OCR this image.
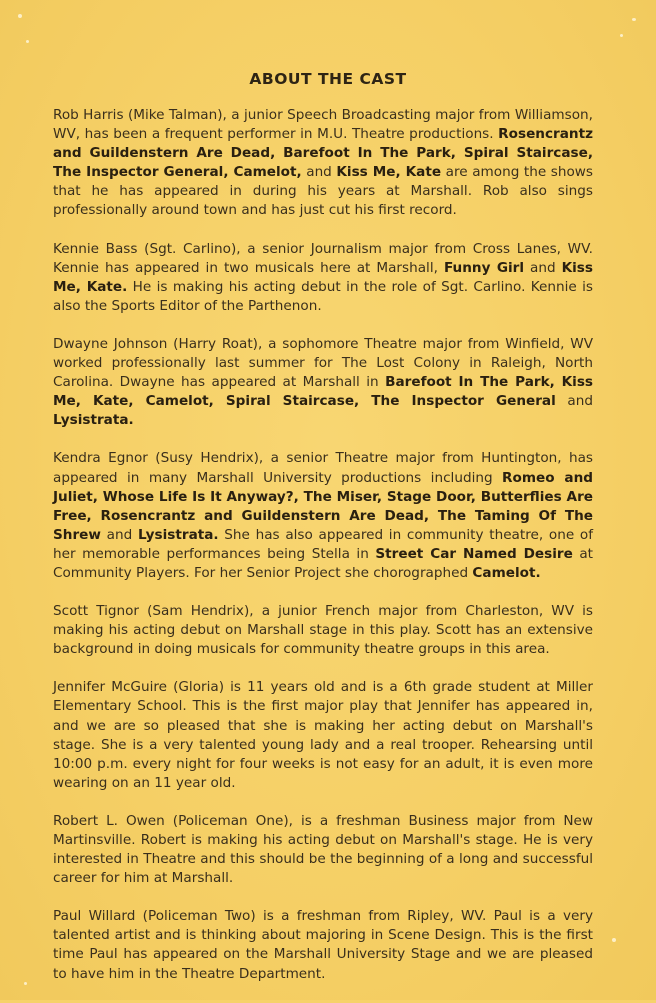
ABOUT THE CAST

Rob Harris (Mike Talman), a junior Speech Broadcasting major from Williamson, WV, has been a frequent performer in M.U. Theatre productions. Rosencrantz and Guildenstern Are Dead, Barefoot In The Park, Spiral Staircase, The Inspector General, Camelot, and Kiss Me, Kate are among the shows that he has appeared in during his years at Marshall. Rob also sings professionally around town and has just cut his first record.

Kennie Bass (Sgt. Carlino), a senior Journalism major from Cross Lanes, WV. Kennie has appeared in two musicals here at Marshall, Funny Girl and Kiss Me, Kate. He is making his acting debut in the role of Sgt. Carlino. Kennie is also the Sports Editor of the Parthenon.

Dwayne Johnson (Harry Roat), a sophomore Theatre major from Winfield, WV worked professionally last summer for The Lost Colony in Raleigh, North Carolina. Dwayne has appeared at Marshall in Barefoot In The Park, Kiss Me, Kate, Camelot, Spiral Staircase, The Inspector General and Lysistrata.

Kendra Egnor (Susy Hendrix), a senior Theatre major from Huntington, has appeared in many Marshall University productions including Romeo and Juliet, Whose Life Is It Anyway?, The Miser, Stage Door, Butterflies Are Free, Rosencrantz and Guildenstern Are Dead, The Taming Of The Shrew and Lysistrata. She has also appeared in community theatre, one of her memorable performances being Stella in Street Car Named Desire at Community Players. For her Senior Project she chorographed Camelot.

Scott Tignor (Sam Hendrix), a junior French major from Charleston, WV is making his acting debut on Marshall stage in this play. Scott has an extensive background in doing musicals for community theatre groups in this area.

Jennifer McGuire (Gloria) is 11 years old and is a 6th grade student at Miller Elementary School. This is the first major play that Jennifer has appeared in, and we are so pleased that she is making her acting debut on Marshall's stage. She is a very talented young lady and a real trooper. Rehearsing until 10:00 p.m. every night for four weeks is not easy for an adult, it is even more wearing on an 11 year old.

Robert L. Owen (Policeman One), is a freshman Business major from New Martinsville. Robert is making his acting debut on Marshall's stage. He is very interested in Theatre and this should be the beginning of a long and successful career for him at Marshall.

Paul Willard (Policeman Two) is a freshman from Ripley, WV. Paul is a very talented artist and is thinking about majoring in Scene Design. This is the first time Paul has appeared on the Marshall University Stage and we are pleased to have him in the Theatre Department.
